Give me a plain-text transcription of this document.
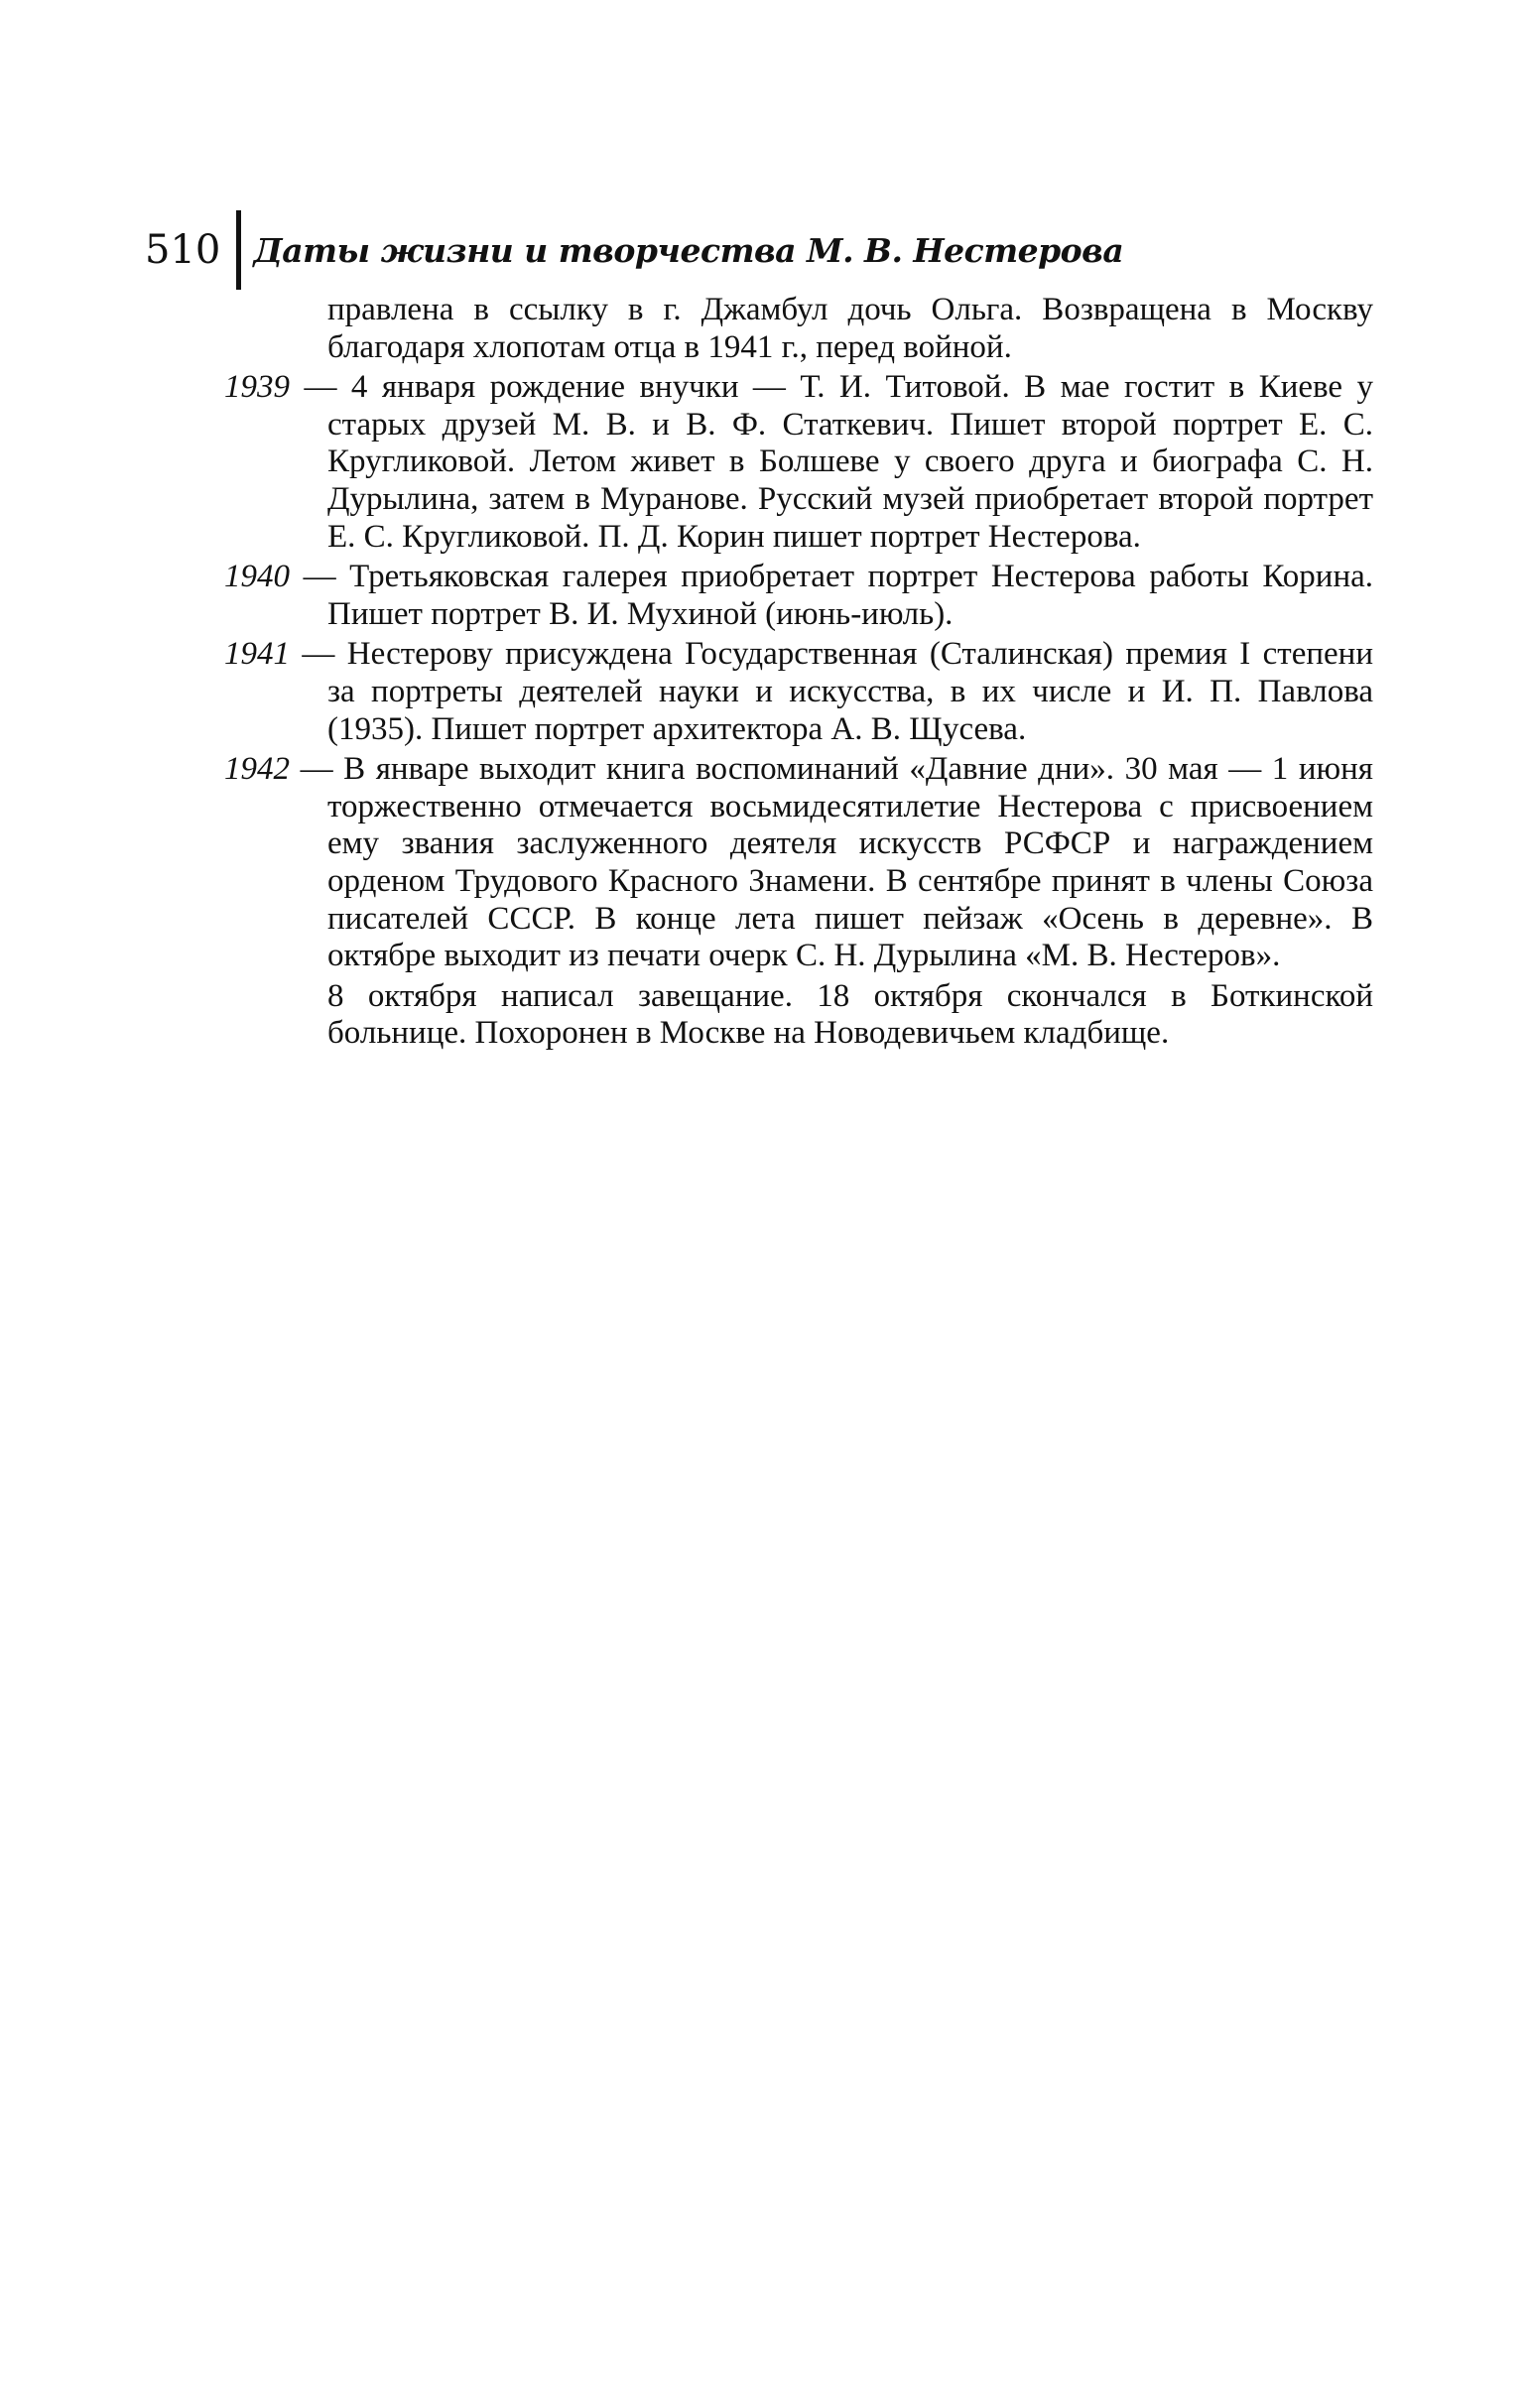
510 Даты жизни и творчества М. В. Нестерова

правлена в ссылку в г. Джамбул дочь Ольга. Возвращена в Москву благодаря хлопотам отца в 1941 г., перед войной.

1939 — 4 января рождение внучки — Т. И. Титовой. В мае гостит в Киеве у старых друзей М. В. и В. Ф. Статкевич. Пишет второй портрет Е. С. Кругликовой. Летом живет в Болшеве у своего друга и биографа С. Н. Дурылина, затем в Муранове. Русский музей приобретает второй портрет Е. С. Кругликовой. П. Д. Корин пишет портрет Нестерова.

1940 — Третьяковская галерея приобретает портрет Нестерова работы Корина. Пишет портрет В. И. Мухиной (июнь-июль).

1941 — Нестерову присуждена Государственная (Сталинская) премия I степени за портреты деятелей науки и искусства, в их числе и И. П. Павлова (1935). Пишет портрет архитектора А. В. Щусева.

1942 — В январе выходит книга воспоминаний «Давние дни». 30 мая — 1 июня торжественно отмечается восьмидесятилетие Нестерова с присвоением ему звания заслуженного деятеля искусств РСФСР и награждением орденом Трудового Красного Знамени. В сентябре принят в члены Союза писателей СССР. В конце лета пишет пейзаж «Осень в деревне». В октябре выходит из печати очерк С. Н. Дурылина «М. В. Нестеров».

8 октября написал завещание. 18 октября скончался в Боткинской больнице. Похоронен в Москве на Новодевичьем кладбище.
